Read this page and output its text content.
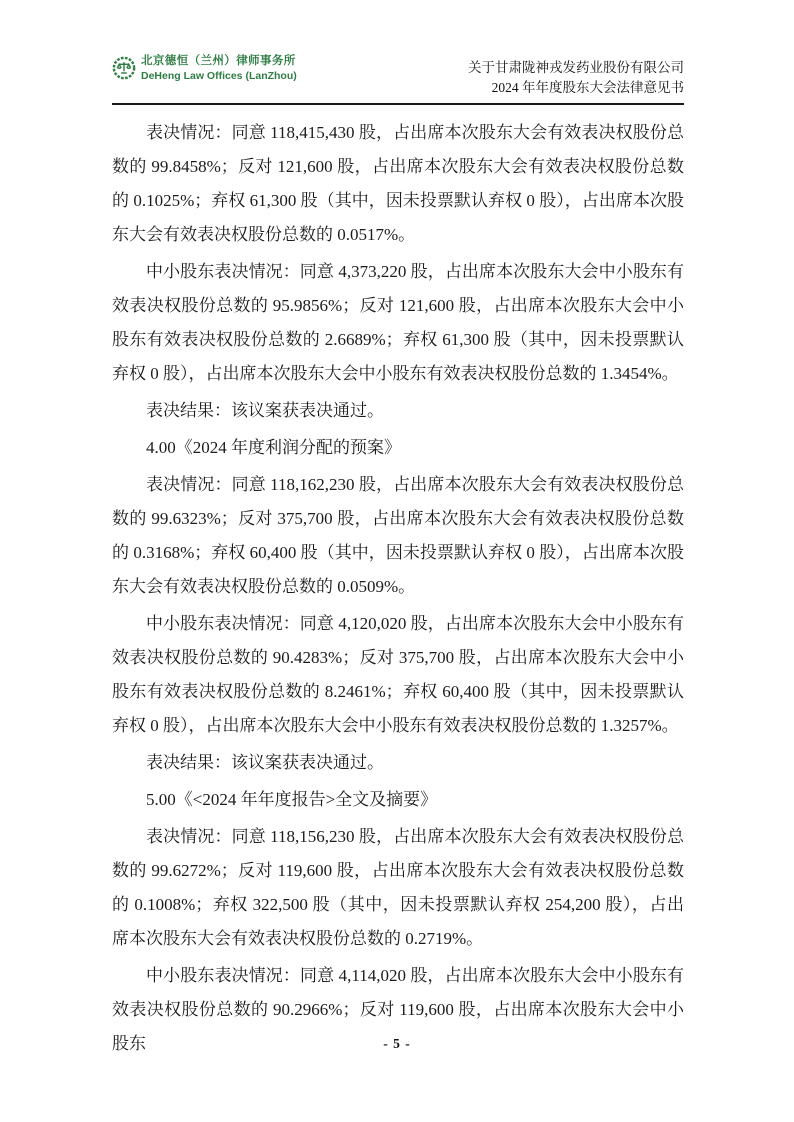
北京德恒（兰州）律师事务所
DeHeng Law Offices (LanZhou)
关于甘肃陇神戎发药业股份有限公司
2024 年年度股东大会法律意见书

表决情况：同意 118,415,430 股，占出席本次股东大会有效表决权股份总数的 99.8458%；反对 121,600 股，占出席本次股东大会有效表决权股份总数的 0.1025%；弃权 61,300 股（其中，因未投票默认弃权 0 股），占出席本次股东大会有效表决权股份总数的 0.0517%。

中小股东表决情况：同意 4,373,220 股，占出席本次股东大会中小股东有效表决权股份总数的 95.9856%；反对 121,600 股，占出席本次股东大会中小股东有效表决权股份总数的 2.6689%；弃权 61,300 股（其中，因未投票默认弃权 0 股），占出席本次股东大会中小股东有效表决权股份总数的 1.3454%。

表决结果：该议案获表决通过。

4.00《2024 年度利润分配的预案》

表决情况：同意 118,162,230 股，占出席本次股东大会有效表决权股份总数的 99.6323%；反对 375,700 股，占出席本次股东大会有效表决权股份总数的 0.3168%；弃权 60,400 股（其中，因未投票默认弃权 0 股），占出席本次股东大会有效表决权股份总数的 0.0509%。

中小股东表决情况：同意 4,120,020 股，占出席本次股东大会中小股东有效表决权股份总数的 90.4283%；反对 375,700 股，占出席本次股东大会中小股东有效表决权股份总数的 8.2461%；弃权 60,400 股（其中，因未投票默认弃权 0 股），占出席本次股东大会中小股东有效表决权股份总数的 1.3257%。

表决结果：该议案获表决通过。

5.00《<2024 年年度报告>全文及摘要》

表决情况：同意 118,156,230 股，占出席本次股东大会有效表决权股份总数的 99.6272%；反对 119,600 股，占出席本次股东大会有效表决权股份总数的 0.1008%；弃权 322,500 股（其中，因未投票默认弃权 254,200 股），占出席本次股东大会有效表决权股份总数的 0.2719%。

中小股东表决情况：同意 4,114,020 股，占出席本次股东大会中小股东有效表决权股份总数的 90.2966%；反对 119,600 股，占出席本次股东大会中小股东	- 5 -
